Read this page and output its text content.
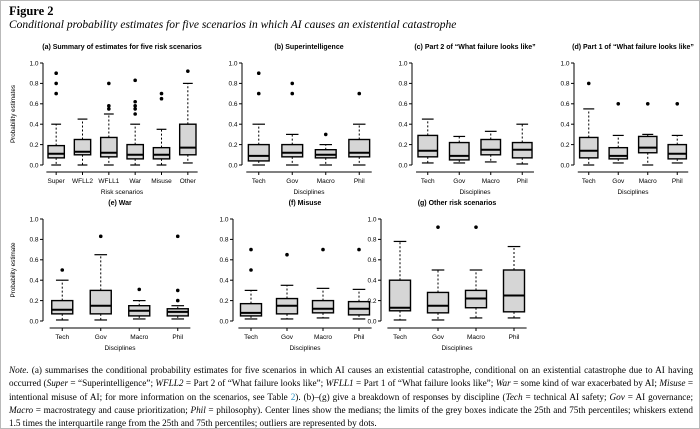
Figure 2
Conditional probability estimates for five scenarios in which AI causes an existential catastrophe
(a) Summary of estimates for five risk scenarios
0.0
0.2
0.4
0.6
0.8
1.0
Probability estimates
Super WFLL2 WFLL1 War Misuse Other
Risk scenarios
(b) Superintelligence
0.0
0.2
0.4
0.6
0.8
1.0
Tech	Gov	Macro	Phil
Disciplines
(c) Part 2 of “What failure looks like”
0.0
0.2
0.4
0.6
0.8
1.0
Tech	Gov	Macro	Phil
Disciplines
(d) Part 1 of “What failure looks like”
0.0
0.2
0.4
0.6
0.8
1.0
Tech	Gov Macro Phil
Disciplines
(e) War
0.0
0.2
0.4
0.6
0.8
1.0
Probability estimate
Tech	Gov	Macro	Phil
Disciplines
(f) Misuse
0.0
0.2
0.4
0.6
0.8
1.0
Tech	Gov	Macro	Phil
Disciplines
(g) Other risk scenarios
0.0
0.2
0.4
0.6
0.8
1.0
Tech	Gov	Macro	Phil
Disciplines

Note. (a) summarises the conditional probability estimates for five scenarios in which AI causes an existential catastrophe, conditional on an existential catastrophe due to AI having occurred (Super = “Superintelligence”; WFLL2 = Part 2 of “What failure looks like”; WFLL1 = Part 1 of “What failure looks like”; War = some kind of war exacerbated by AI; Misuse = intentional misuse of AI; for more information on the scenarios, see Table 2). (b)–(g) give a breakdown of responses by discipline (Tech = technical AI safety; Gov = AI governance; Macro = macrostrategy and cause prioritization; Phil = philosophy). Center lines show the medians; the limits of the grey boxes indicate the 25th and 75th percentiles; whiskers extend 1.5 times the interquartile range from the 25th and 75th percentiles; outliers are represented by dots.
